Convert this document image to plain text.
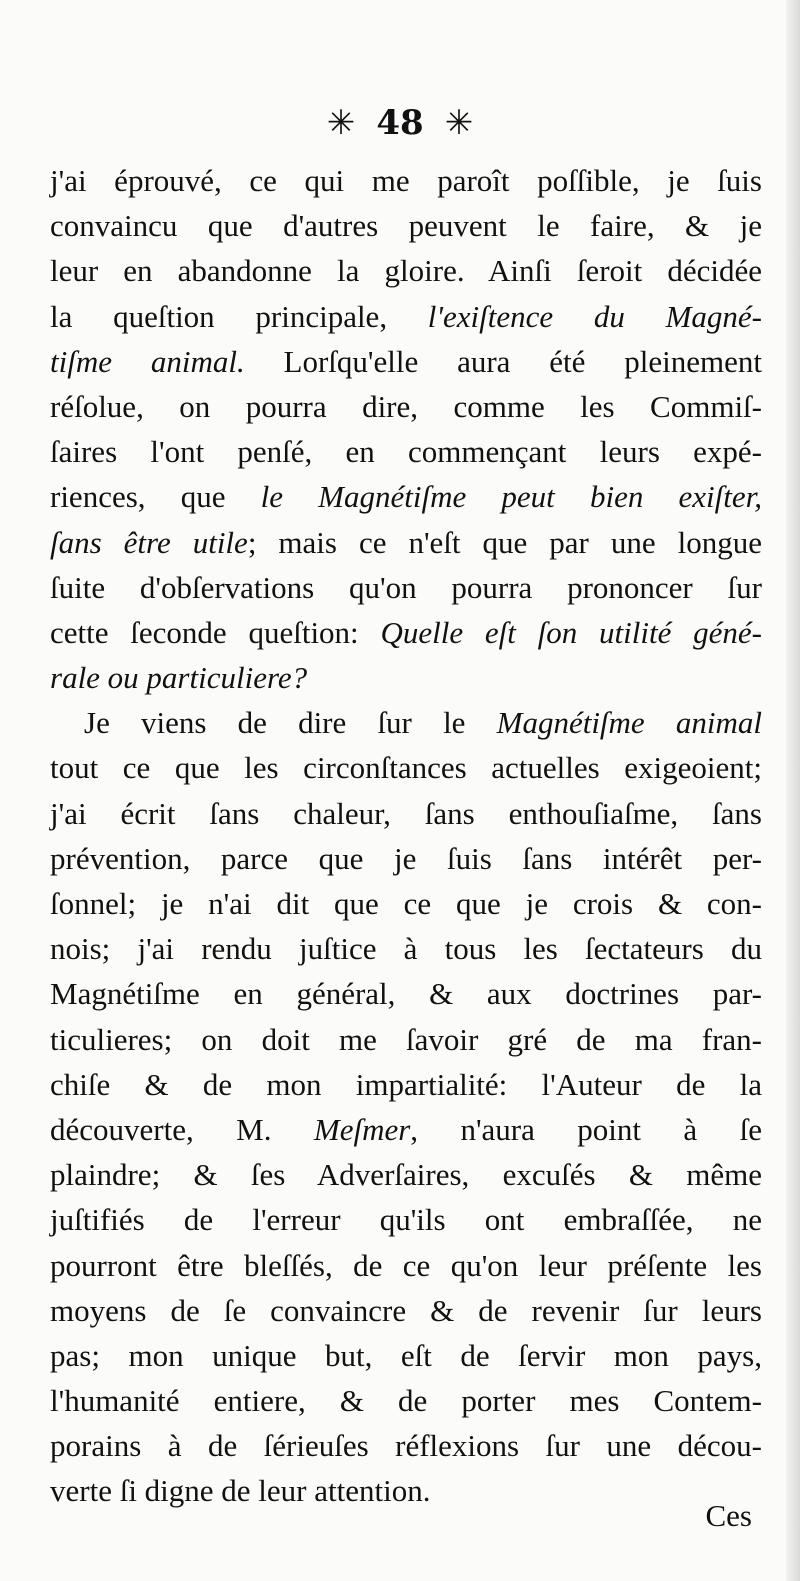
✳ 48 ✳
j'ai éprouvé, ce qui me paroît poſſible, je ſuis
convaincu que d'autres peuvent le faire, & je
leur en abandonne la gloire. Ainſi ſeroit décidée
la queſtion principale, l'exiſtence du Magné-
tiſme animal. Lorſqu'elle aura été pleinement
réſolue, on pourra dire, comme les Commiſ-
ſaires l'ont penſé, en commençant leurs expé-
riences, que le Magnétiſme peut bien exiſter,
ſans être utile; mais ce n'eſt que par une longue
ſuite d'obſervations qu'on pourra prononcer ſur
cette ſeconde queſtion: Quelle eſt ſon utilité géné-
rale ou particuliere?
Je viens de dire ſur le Magnétiſme animal
tout ce que les circonſtances actuelles exigeoient;
j'ai écrit ſans chaleur, ſans enthouſiaſme, ſans
prévention, parce que je ſuis ſans intérêt per-
ſonnel; je n'ai dit que ce que je crois & con-
nois; j'ai rendu juſtice à tous les ſectateurs du
Magnétiſme en général, & aux doctrines par-
ticulieres; on doit me ſavoir gré de ma fran-
chiſe & de mon impartialité: l'Auteur de la
découverte, M. Meſmer, n'aura point à ſe
plaindre; & ſes Adverſaires, excuſés & même
juſtifiés de l'erreur qu'ils ont embraſſée, ne
pourront être bleſſés, de ce qu'on leur préſente les
moyens de ſe convaincre & de revenir ſur leurs
pas; mon unique but, eſt de ſervir mon pays,
l'humanité entiere, & de porter mes Contem-
porains à de ſérieuſes réflexions ſur une décou-
verte ſi digne de leur attention.
Ces
